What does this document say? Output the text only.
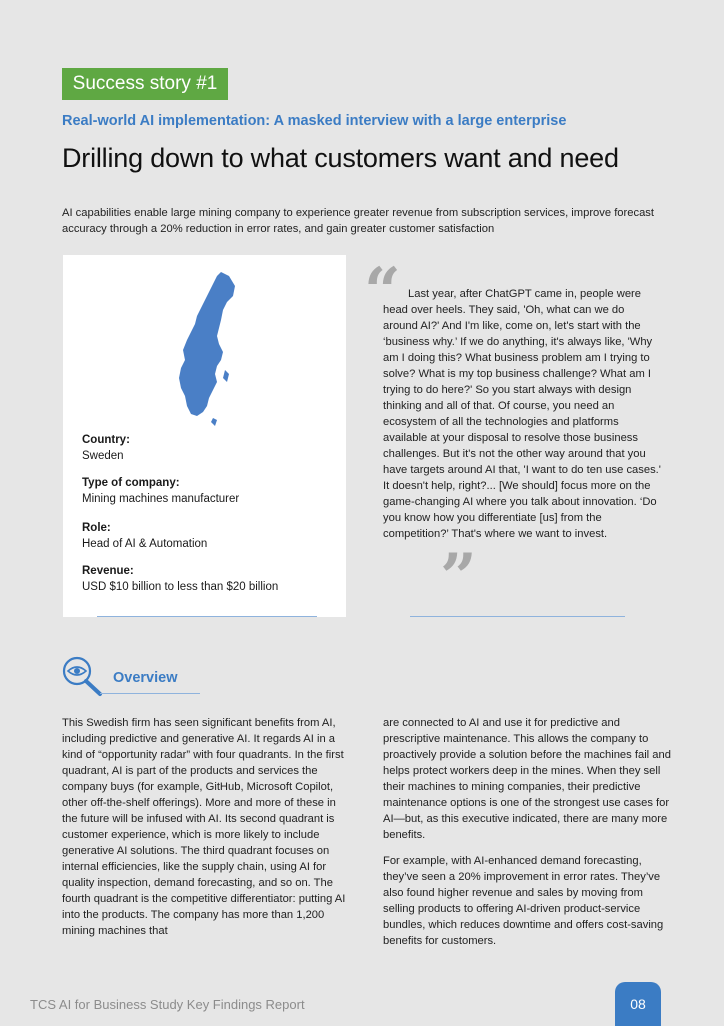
Success story #1
Real-world AI implementation: A masked interview with a large enterprise
Drilling down to what customers want and need
AI capabilities enable large mining company to experience greater revenue from subscription services, improve forecast accuracy through a 20% reduction in error rates, and gain greater customer satisfaction
Country:
Sweden
Type of company:
Mining machines manufacturer
Role:
Head of AI & Automation
Revenue:
USD $10 billion to less than $20 billion
“ Last year, after ChatGPT came in, people were head over heels. They said, 'Oh, what can we do around AI?' And I'm like, come on, let's start with the ‘business why.’ If we do anything, it's always like, 'Why am I doing this? What business problem am I trying to solve? What is my top business challenge? What am I trying to do here?' So you start always with design thinking and all of that. Of course, you need an ecosystem of all the technologies and platforms available at your disposal to resolve those business challenges. But it's not the other way around that you have targets around AI that, 'I want to do ten use cases.' It doesn't help, right?... [We should] focus more on the game-changing AI where you talk about innovation. ‘Do you know how you differentiate [us] from the competition?’ That's where we want to invest.
”
Overview

This Swedish firm has seen significant benefits from AI, including predictive and generative AI. It regards AI in a kind of “opportunity radar” with four quadrants. In the first quadrant, AI is part of the products and services the company buys (for example, GitHub, Microsoft Copilot, other off-the-shelf offerings). More and more of these in the future will be infused with AI. Its second quadrant is customer experience, which is more likely to include generative AI solutions. The third quadrant focuses on internal efficiencies, like the supply chain, using AI for quality inspection, demand forecasting, and so on. The fourth quadrant is the competitive differentiator: putting AI into the products. The company has more than 1,200 mining machines that

are connected to AI and use it for predictive and prescriptive maintenance. This allows the company to proactively provide a solution before the machines fail and helps protect workers deep in the mines. When they sell their machines to mining companies, their predictive maintenance options is one of the strongest use cases for AI—but, as this executive indicated, there are many more benefits.

For example, with AI-enhanced demand forecasting, they’ve seen a 20% improvement in error rates. They’ve also found higher revenue and sales by moving from selling products to offering AI-driven product-service bundles, which reduces downtime and offers cost-saving benefits for customers.

TCS AI for Business Study Key Findings Report	08
